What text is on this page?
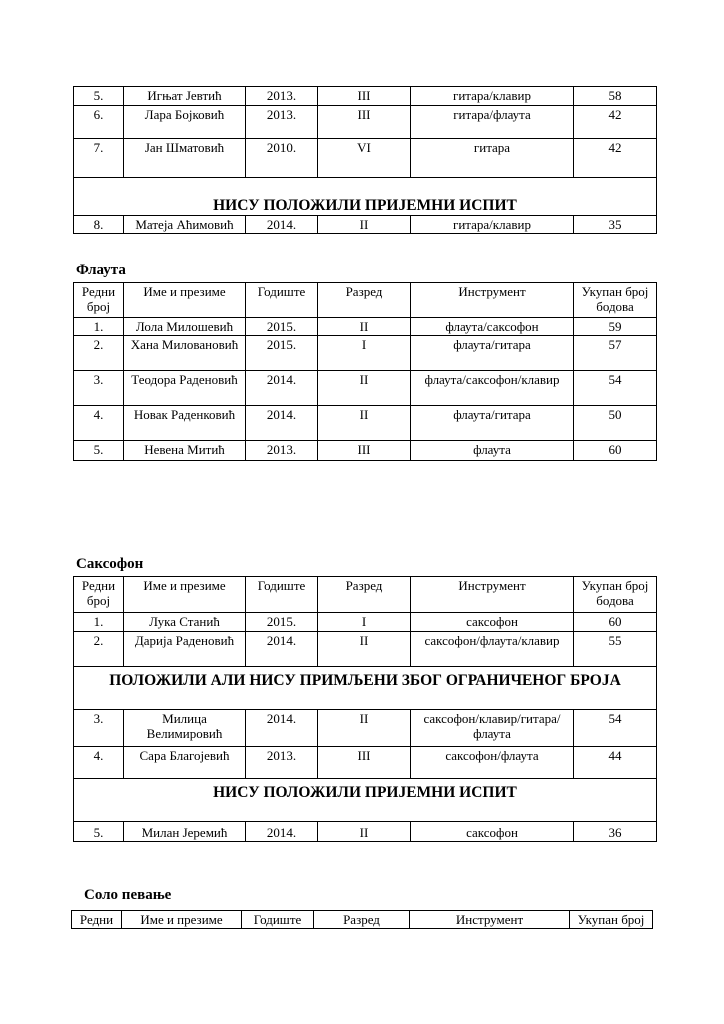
5.	Игњат Јевтић	2013.	III	гитара/клавир	58
6.	Лара Бојковић	2013.	III	гитара/флаута	42
7.	Јан Шматовић	2010.	VI	гитара	42
НИСУ ПОЛОЖИЛИ ПРИЈЕМНИ ИСПИТ					
8.	Матеја Аћимовић	2014.	II	гитара/клавир	35
Флаута
Редни број	Име и презиме	Годиште	Разред	Инструмент	Укупан број бодова
1.	Лола Милошевић	2015.	II	флаута/саксофон	59
2.	Хана Миловановић	2015.	I	флаута/гитара	57
3.	Теодора Раденовић	2014.	II	флаута/саксофон/клавир	54
4.	Новак Раденковић	2014.	II	флаута/гитара	50
5.	Невена Митић	2013.	III	флаута	60
Саксофон
Редни број	Име и презиме	Годиште	Разред	Инструмент	Укупан број бодова
1.	Лука Станић	2015.	I	саксофон	60
2.	Дарија Раденовић	2014.	II	саксофон/флаута/клавир	55
ПОЛОЖИЛИ АЛИ НИСУ ПРИМЉЕНИ ЗБОГ ОГРАНИЧЕНОГ БРОЈА					
3.	Милица Велимировић	2014.	II	саксофон/клавир/гитара/флаута	54
4.	Сара Благојевић	2013.	III	саксофон/флаута	44
НИСУ ПОЛОЖИЛИ ПРИЈЕМНИ ИСПИТ					
5.	Милан Јеремић	2014.	II	саксофон	36
Соло певање
Редни	Име и презиме	Годиште	Разред	Инструмент	Укупан број
